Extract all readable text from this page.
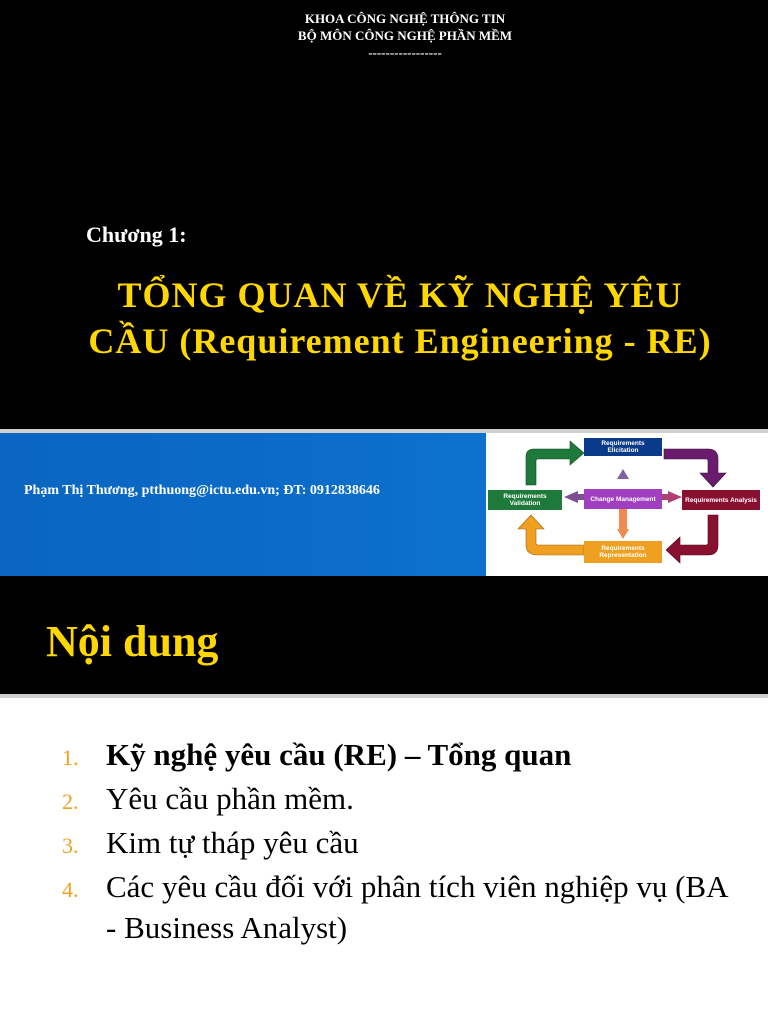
KHOA CÔNG NGHỆ THÔNG TIN
BỘ MÔN CÔNG NGHỆ PHẦN MỀM
-----------------
Chương 1:
TỔNG QUAN VỀ KỸ NGHỆ YÊU
CẦU (Requirement Engineering - RE)
Phạm Thị Thương, ptthuong@ictu.edu.vn; ĐT: 0912838646
Requirements Elicitation
Requirements Analysis
Requirements Representation
Requirements Validation
Change Management
Nội dung
1. Kỹ nghệ yêu cầu (RE) – Tổng quan
2. Yêu cầu phần mềm.
3. Kim tự tháp yêu cầu
4. Các yêu cầu đối với phân tích viên nghiệp vụ (BA - Business Analyst)
